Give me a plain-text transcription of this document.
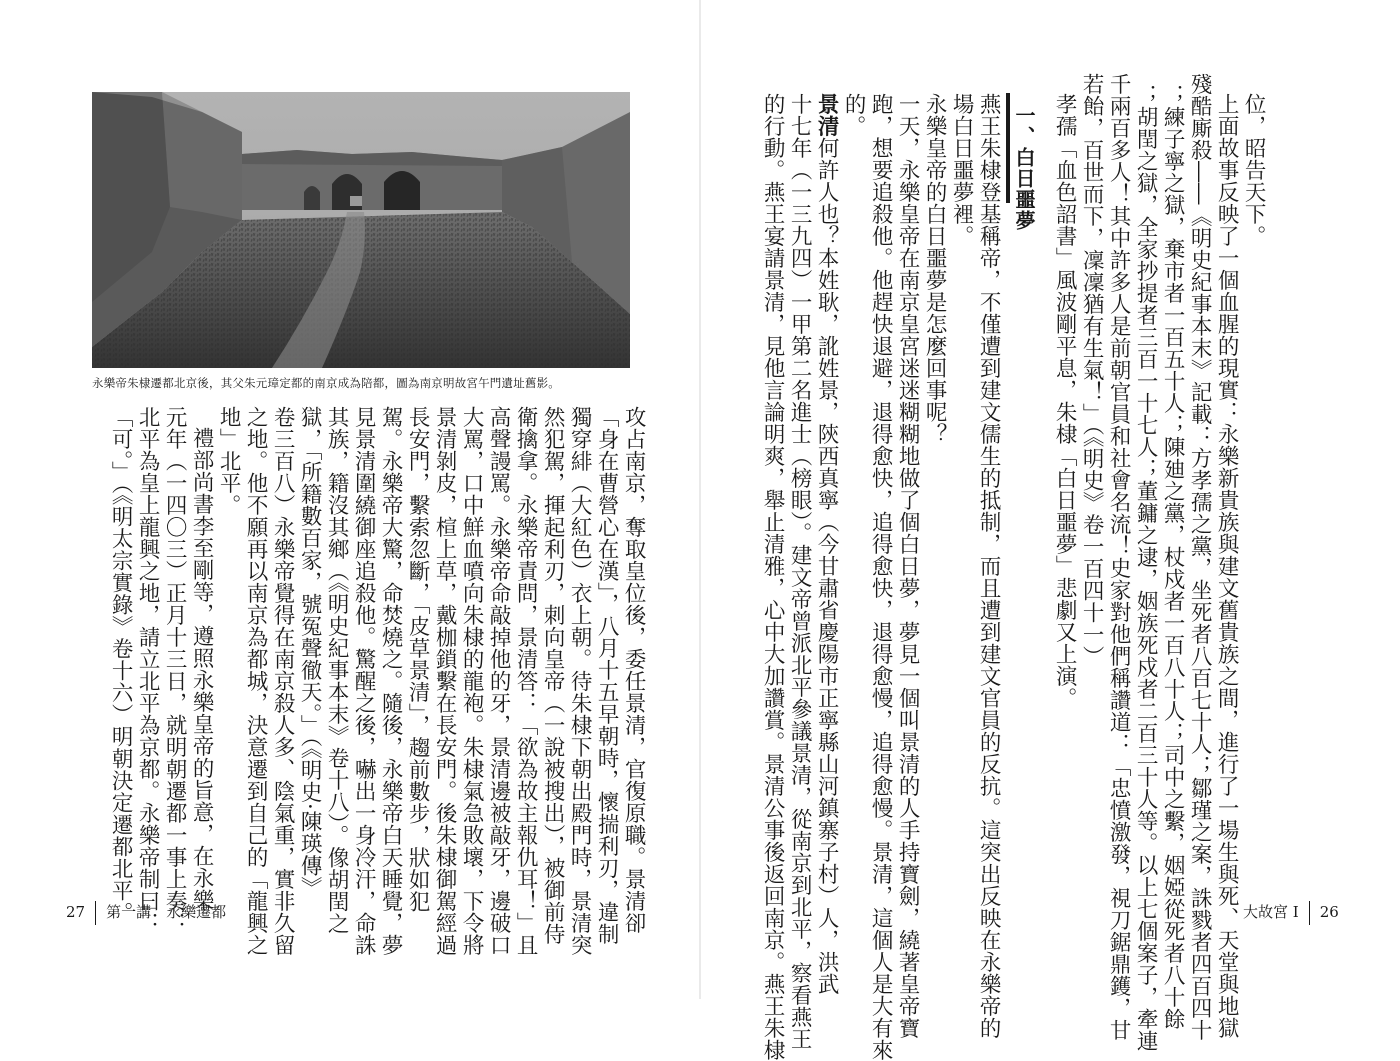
位，昭告天下。

上面故事反映了一個血腥的現實：永樂新貴族與建文舊貴族之間，進行了一場生與死、天堂與地獄

殘酷廝殺――《明史紀事本末》記載：方孝孺之黨，坐死者八百七十人；鄒瑾之案，誅戮者四百四十

；練子寧之獄，棄市者一百五十人；陳廸之黨，杖戍者一百八十人；司中之繫，姻婭從死者八十餘

；胡閏之獄，全家抄提者三百一十七人；董鏞之逮，姻族死戍者二百三十人等。以上七個案子，牽連

千兩百多人！其中許多人是前朝官員和社會名流！史家對他們稱讚道：「忠憤激發，視刀鋸鼎鑊，甘

若飴，百世而下，凜凜猶有生氣！」（《明史》卷一百四十一）

孝孺「血色詔書」風波剛平息，朱棣「白日噩夢」悲劇又上演。

一、白日噩夢

燕王朱棣登基稱帝，不僅遭到建文儒生的抵制，而且遭到建文官員的反抗。這突出反映在永樂帝的

場白日噩夢裡。

永樂皇帝的白日噩夢是怎麼回事呢？

一天，永樂皇帝在南京皇宮迷迷糊糊地做了個白日夢，夢見一個叫景清的人手持寶劍，繞著皇帝寶

跑，想要追殺他。他趕快退避，退得愈快，追得愈快，退得愈慢，追得愈慢。景清，這個人是大有來

的。

景清何許人也？本姓耿，訛姓景，陝西真寧（今甘肅省慶陽市正寧縣山河鎮寨子村）人，洪武

十七年（一三九四）一甲第二名進士（榜眼）。建文帝曾派北平參議景清，從南京到北平，察看燕王

的行動。燕王宴請景清，見他言論明爽，舉止清雅，心中大加讚賞。景清公事後返回南京。燕王朱棣	大故宮 I 26
永樂帝朱棣遷都北京後，其父朱元璋定都的南京成為陪都，圖為南京明故宮午門遺址舊影。

攻占南京，奪取皇位後，委任景清，官復原職。景清卻

「身在曹營心在漢」，八月十五早朝時，懷揣利刃，違制

獨穿緋（大紅色）衣上朝。待朱棣下朝出殿門時，景清突

然犯駕，揮起利刃，刺向皇帝（一說被搜出），被御前侍

衛擒拿。永樂帝責問，景清答：「欲為故主報仇耳！」且

高聲謾罵。永樂帝命敲掉他的牙，景清邊被敲牙，邊破口

大罵，口中鮮血噴向朱棣的龍袍。朱棣氣急敗壞，下令將

景清剝皮，楦上草，戴枷鎖繫在長安門。後朱棣御駕經過

長安門，繫索忽斷，「皮草景清」，趨前數步，狀如犯

駕。永樂帝大驚，命焚燒之。隨後，永樂帝白天睡覺，夢

見景清圍繞御座追殺他。驚醒之後，嚇出一身冷汗，命誅

其族，籍沒其鄉（《明史紀事本末》卷十八）。像胡閏之

獄，「所籍數百家，號冤聲徹天。」（《明史·陳瑛傳》

卷三百八）永樂帝覺得在南京殺人多、陰氣重，實非久留

之地。他不願再以南京為都城，決意遷到自己的「龍興之

地」北平。

禮部尚書李至剛等，遵照永樂皇帝的旨意，在永樂

元年（一四〇三）正月十三日，就明朝遷都一事上奏：

北平為皇上龍興之地，請立北平為京都。永樂帝制曰：

「可。」（《明太宗實錄》卷十六）明朝決定遷都北平。

27 第一講　永樂遷都
